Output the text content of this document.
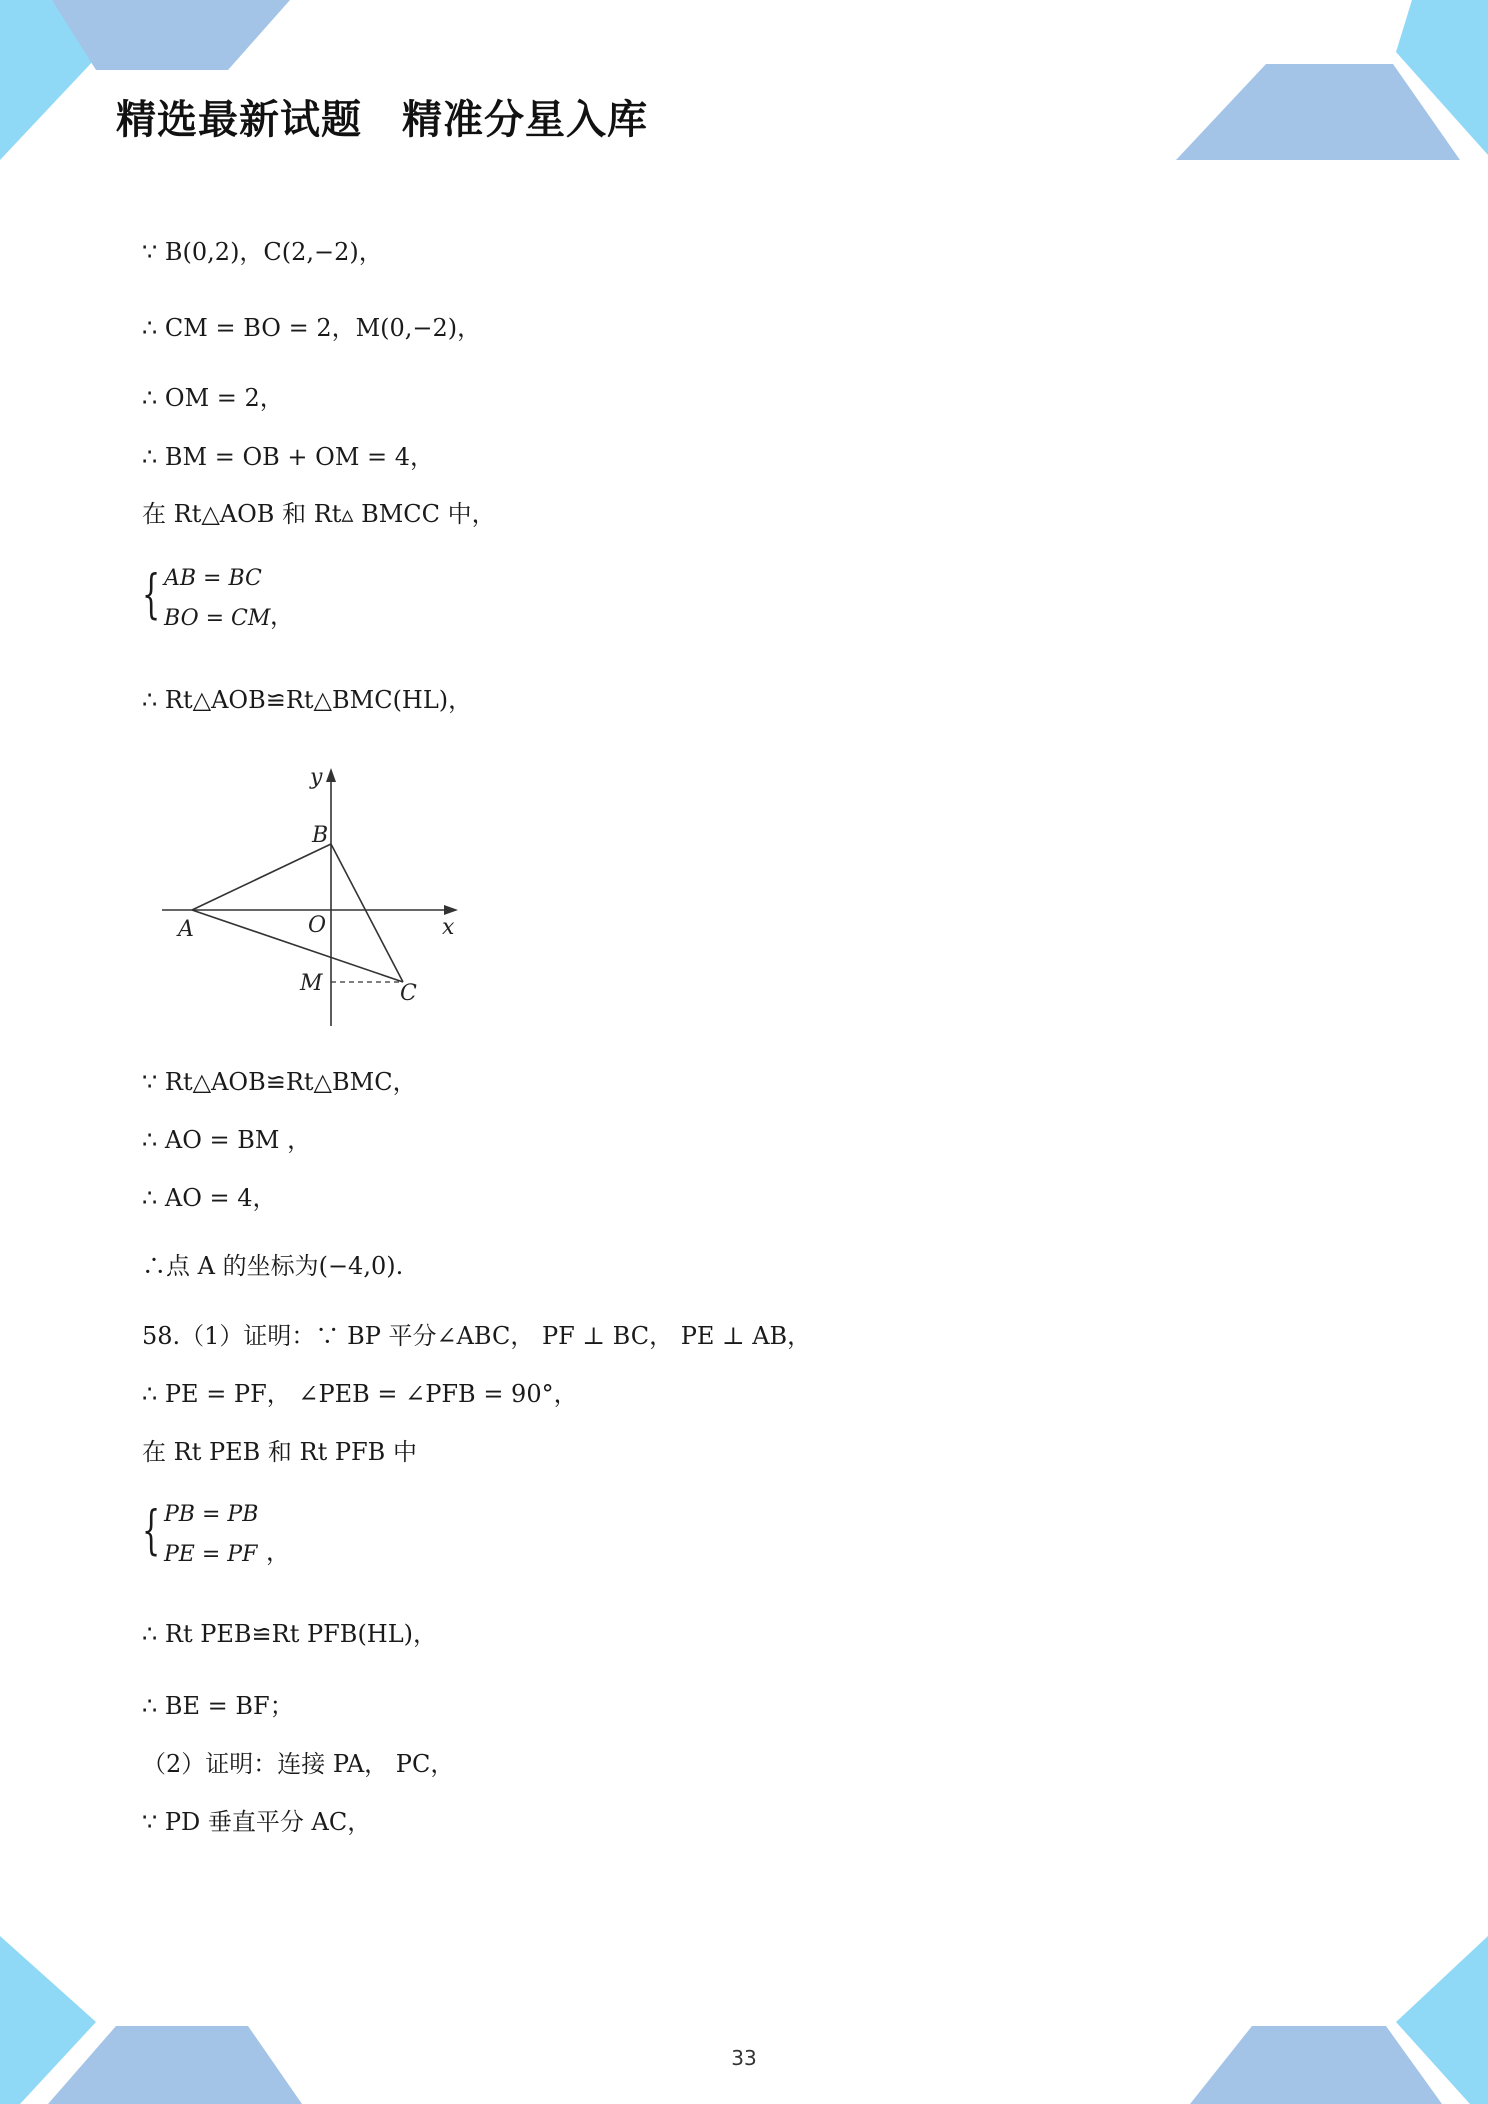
精选最新试题 精准分星入库
∵ B(0,2)，C(2,−2)，
∴ CM = BO = 2，M(0,−2)，
∴ OM = 2，
∴ BM = OB + OM = 4，
在 Rt△AOB 和 Rt▵ BMCC 中，
{ AB = BC
BO = CM ，
∴ Rt△AOB≌Rt△BMC(HL)，
y
x
B
A	O
M	C
∵ Rt△AOB≌Rt△BMC，
∴ AO = BM ，
∴ AO = 4，
∴点 A 的坐标为(−4,0).
58.（1）证明：∵ BP 平分∠ABC， PF ⊥ BC， PE ⊥ AB，
∴ PE = PF， ∠PEB = ∠PFB = 90°，
在 Rt PEB 和 Rt PFB 中
{ PB = PB
PE = PF ，
∴ Rt PEB≌Rt PFB(HL)，
∴ BE = BF；
（2）证明：连接 PA， PC，
∵ PD 垂直平分 AC，
33
